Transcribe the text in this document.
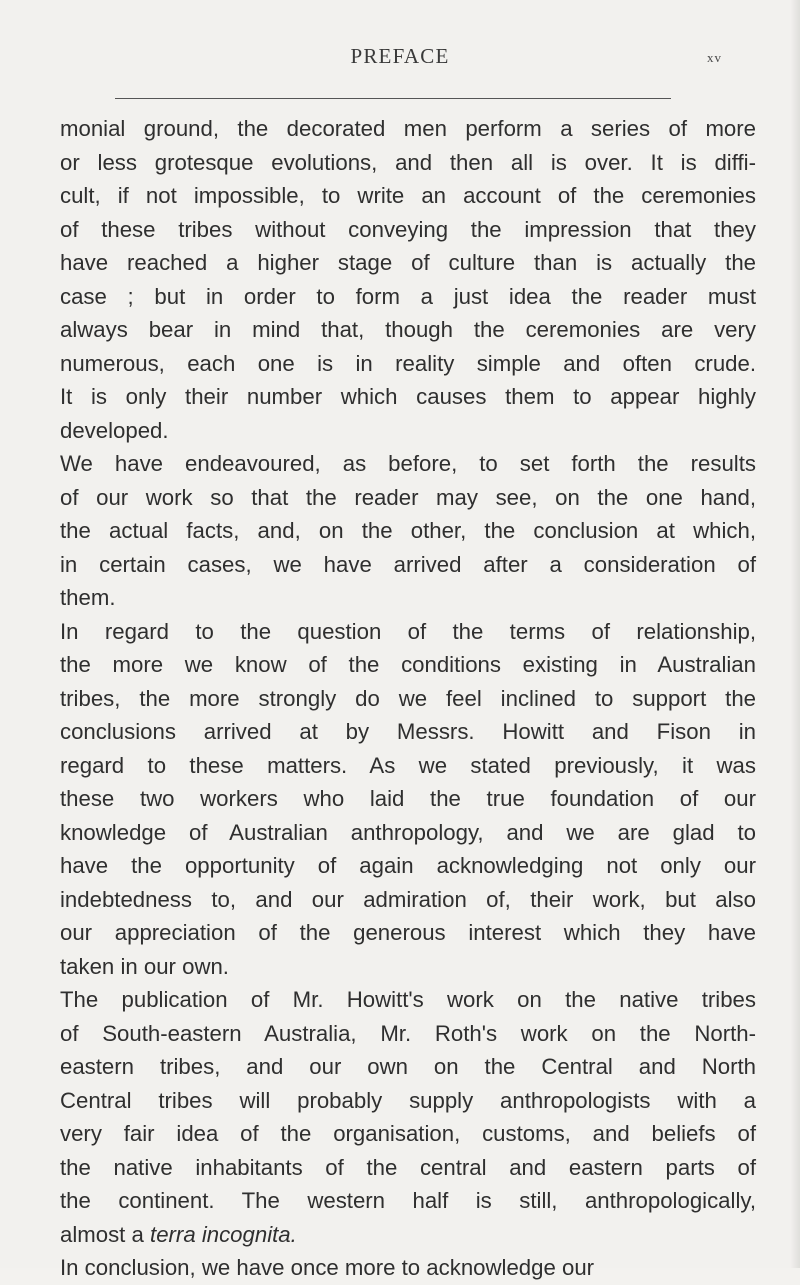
PREFACE	xv
monial ground, the decorated men perform a series of more
or less grotesque evolutions, and then all is over. It is diffi-
cult, if not impossible, to write an account of the ceremonies
of these tribes without conveying the impression that they
have reached a higher stage of culture than is actually the
case ; but in order to form a just idea the reader must
always bear in mind that, though the ceremonies are very
numerous, each one is in reality simple and often crude.
It is only their number which causes them to appear highly
developed.
We have endeavoured, as before, to set forth the results
of our work so that the reader may see, on the one hand,
the actual facts, and, on the other, the conclusion at which,
in certain cases, we have arrived after a consideration of
them.
In regard to the question of the terms of relationship,
the more we know of the conditions existing in Australian
tribes, the more strongly do we feel inclined to support the
conclusions arrived at by Messrs. Howitt and Fison in
regard to these matters. As we stated previously, it was
these two workers who laid the true foundation of our
knowledge of Australian anthropology, and we are glad to
have the opportunity of again acknowledging not only our
indebtedness to, and our admiration of, their work, but also
our appreciation of the generous interest which they have
taken in our own.
The publication of Mr. Howitt's work on the native tribes
of South-eastern Australia, Mr. Roth's work on the North-
eastern tribes, and our own on the Central and North
Central tribes will probably supply anthropologists with a
very fair idea of the organisation, customs, and beliefs of
the native inhabitants of the central and eastern parts of
the continent. The western half is still, anthropologically,
almost a terra incognita.
In conclusion, we have once more to acknowledge our
